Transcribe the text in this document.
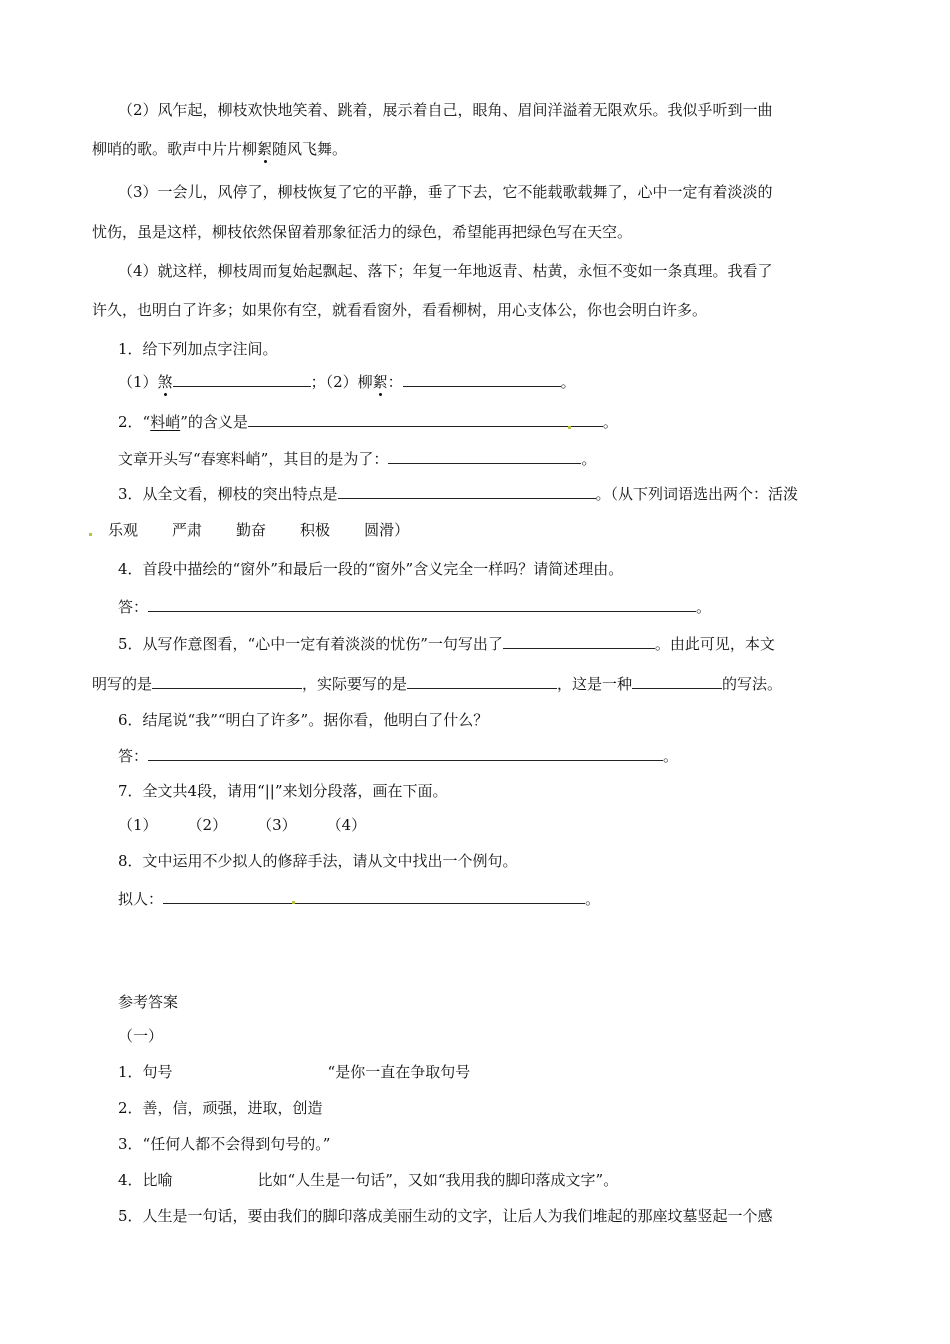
（2）风乍起，柳枝欢快地笑着、跳着，展示着自己，眼角、眉间洋溢着无限欢乐。我似乎听到一曲
柳哨的歌。歌声中片片柳絮随风飞舞。
（3）一会儿，风停了，柳枝恢复了它的平静，垂了下去，它不能载歌载舞了，心中一定有着淡淡的
忧伤，虽是这样，柳枝依然保留着那象征活力的绿色，希望能再把绿色写在天空。
（4）就这样，柳枝周而复始起飘起、落下；年复一年地返青、枯黄，永恒不变如一条真理。我看了
许久，也明白了许多；如果你有空，就看看窗外，看看柳树，用心支体公，你也会明白许多。
1．给下列加点字注间。
（1）煞	；（2）柳絮：	。
2．“料峭”的含义是	。
文章开头写“春寒料峭”，其目的是为了：	。
3．从全文看，柳枝的突出特点是	。（从下列词语选出两个：活泼
乐观 严肃 勤奋 积极 圆滑）
4．首段中描绘的“窗外”和最后一段的“窗外”含义完全一样吗？请简述理由。
答：	。
5．从写作意图看，“心中一定有着淡淡的忧伤”一句写出了	。由此可见，本文
明写的是	，实际要写的是	，这是一种	的写法。
6．结尾说“我”“明白了许多”。据你看，他明白了什么？
答：	。
7．全文共4段，请用“||”来划分段落，画在下面。
（1） （2） （3） （4）
8．文中运用不少拟人的修辞手法，请从文中找出一个例句。
拟人：	。
参考答案
（一）
1．句号	“是你一直在争取句号
2．善，信，顽强，进取，创造
3．“任何人都不会得到句号的。”
4．比喻	比如“人生是一句话”，又如“我用我的脚印落成文字”。
5．人生是一句话，要由我们的脚印落成美丽生动的文字，让后人为我们堆起的那座坟墓竖起一个感
